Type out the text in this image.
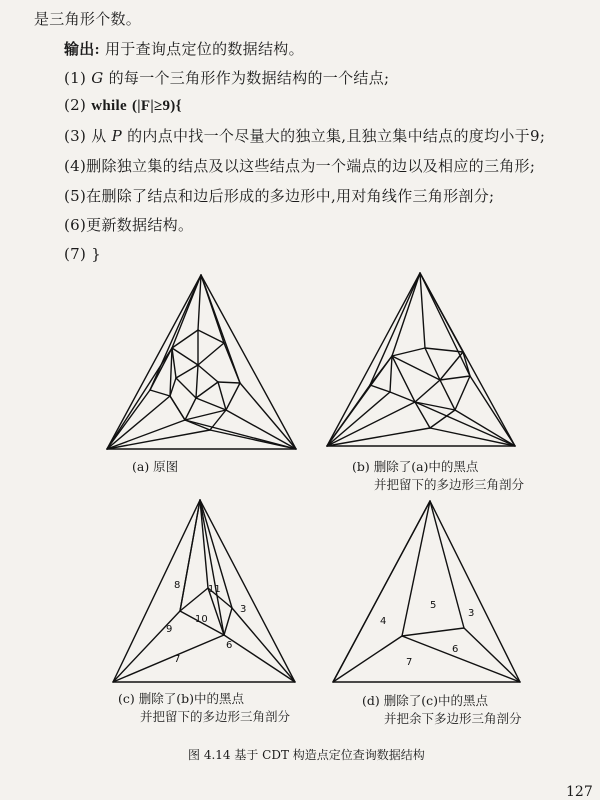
是三角形个数。
输出: 用于查询点定位的数据结构。
(1) G 的每一个三角形作为数据结构的一个结点;
(2) while (|F|≥9){
(3) 从 P 的内点中找一个尽量大的独立集,且独立集中结点的度均小于9;
(4)删除独立集的结点及以这些结点为一个端点的边以及相应的三角形;
(5)在删除了结点和边后形成的多边形中,用对角线作三角形剖分;
(6)更新数据结构。
(7) }
8	11
10
9
3
7
6
5
4
3
6
7
(a) 原图	(b) 删除了(a)中的黑点
并把留下的多边形三角剖分
(c) 删除了(b)中的黑点
并把留下的多边形三角剖分
(d) 删除了(c)中的黑点
并把余下多边形三角剖分
图 4.14 基于 CDT 构造点定位查询数据结构
127
